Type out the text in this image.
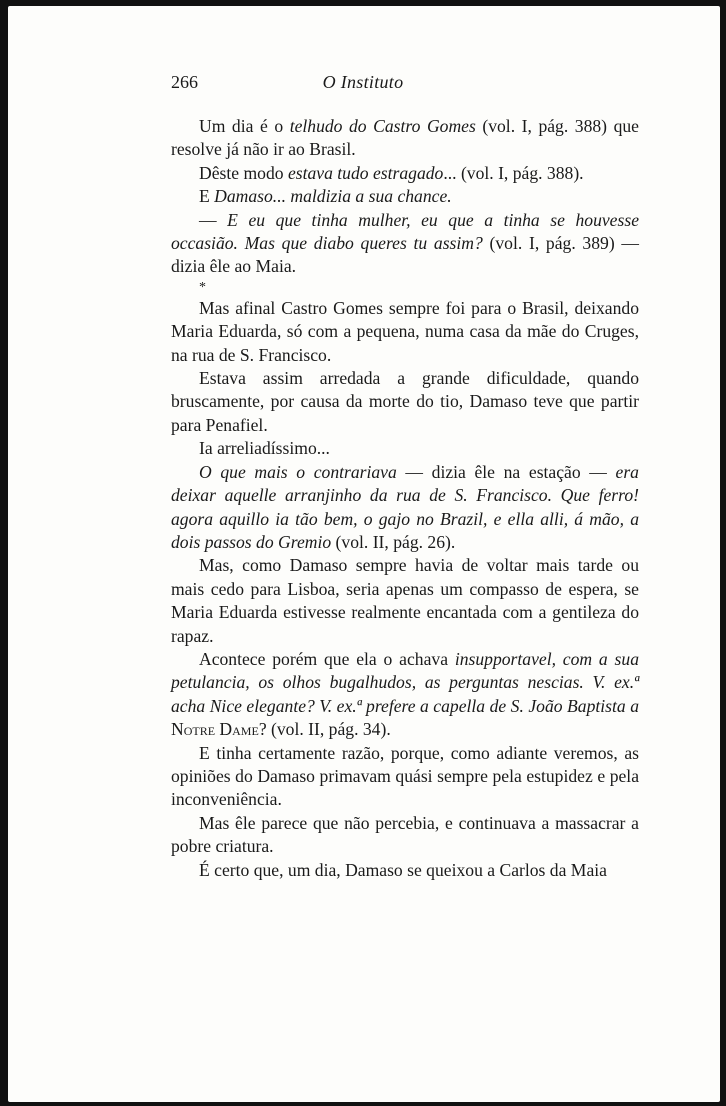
266	O Instituto

Um dia é o telhudo do Castro Gomes (vol. I, pág. 388) que resolve já não ir ao Brasil.

Dêste modo estava tudo estragado... (vol. I, pág. 388).

E Damaso... maldizia a sua chance.

— E eu que tinha mulher, eu que a tinha se houvesse occasião. Mas que diabo queres tu assim? (vol. I, pág. 389) — dizia êle ao Maia.

*

Mas afinal Castro Gomes sempre foi para o Brasil, deixando Maria Eduarda, só com a pequena, numa casa da mãe do Cruges, na rua de S. Francisco.

Estava assim arredada a grande dificuldade, quando bruscamente, por causa da morte do tio, Damaso teve que partir para Penafiel.

Ia arreliadíssimo...

O que mais o contrariava — dizia êle na estação — era deixar aquelle arranjinho da rua de S. Francisco. Que ferro! agora aquillo ia tão bem, o gajo no Brazil, e ella alli, á mão, a dois passos do Gremio (vol. II, pág. 26).

Mas, como Damaso sempre havia de voltar mais tarde ou mais cedo para Lisboa, seria apenas um compasso de espera, se Maria Eduarda estivesse realmente encantada com a gentileza do rapaz.

Acontece porém que ela o achava insupportavel, com a sua petulancia, os olhos bugalhudos, as perguntas nescias. V. ex.ª acha Nice elegante? V. ex.ª prefere a capella de S. João Baptista a Notre Dame? (vol. II, pág. 34).

E tinha certamente razão, porque, como adiante veremos, as opiniões do Damaso primavam quási sempre pela estupidez e pela inconveniência.

Mas êle parece que não percebia, e continuava a massacrar a pobre criatura.

É certo que, um dia, Damaso se queixou a Carlos da Maia
